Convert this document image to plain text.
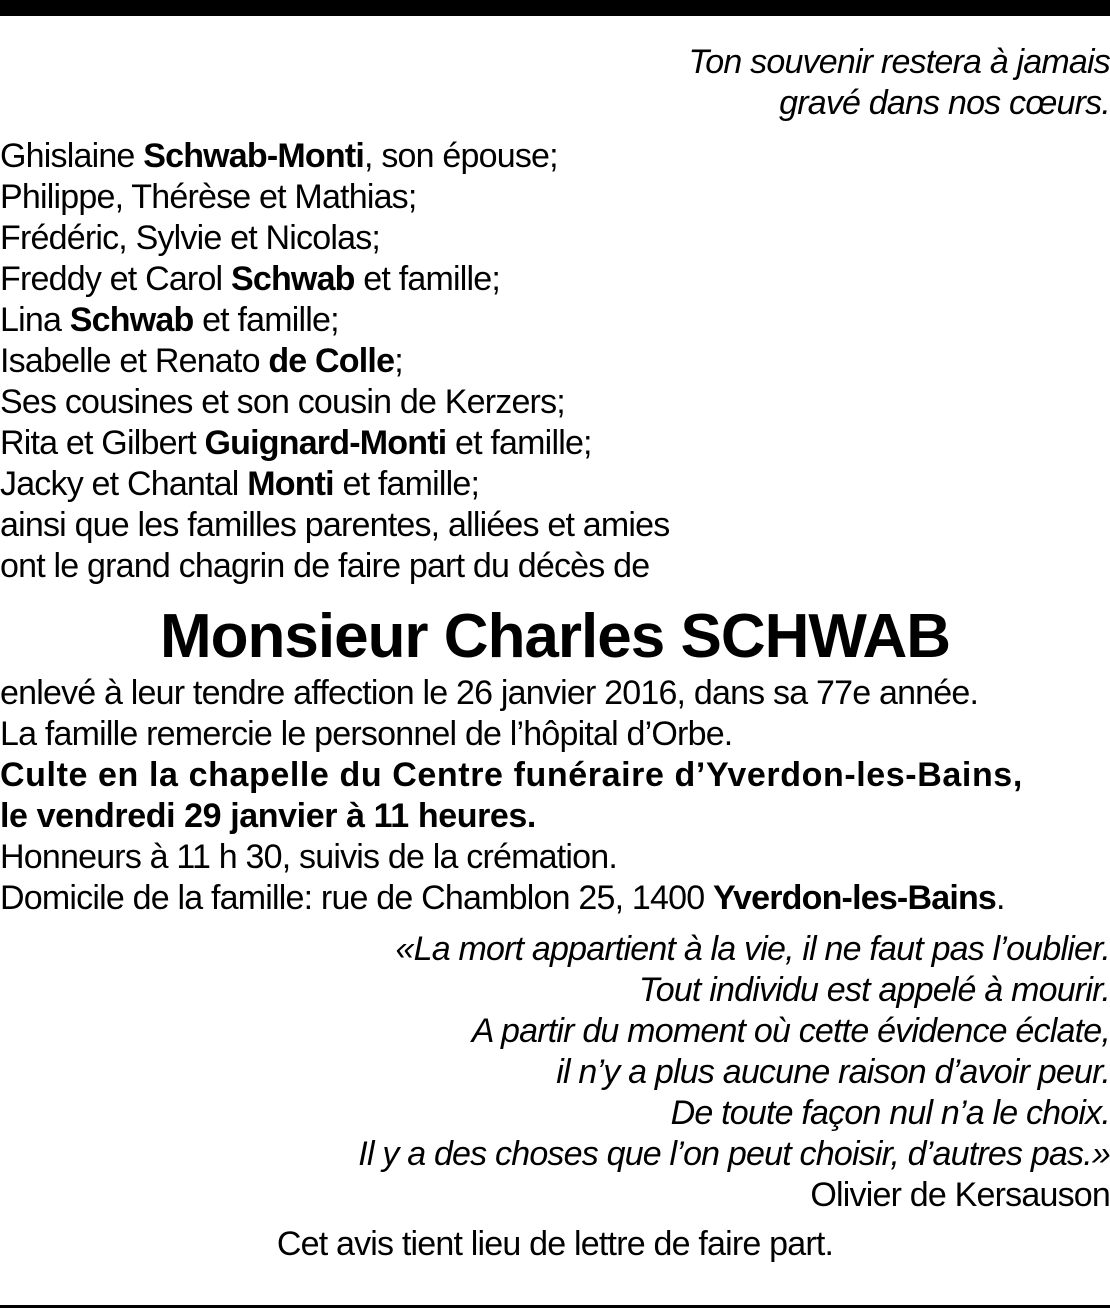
Ton souvenir restera à jamais
gravé dans nos cœurs.
Ghislaine Schwab-Monti, son épouse;
Philippe, Thérèse et Mathias;
Frédéric, Sylvie et Nicolas;
Freddy et Carol Schwab et famille;
Lina Schwab et famille;
Isabelle et Renato de Colle;
Ses cousines et son cousin de Kerzers;
Rita et Gilbert Guignard-Monti et famille;
Jacky et Chantal Monti et famille;
ainsi que les familles parentes, alliées et amies
ont le grand chagrin de faire part du décès de
Monsieur Charles SCHWAB
enlevé à leur tendre affection le 26 janvier 2016, dans sa 77e année.
La famille remercie le personnel de l’hôpital d’Orbe.
Culte en la chapelle du Centre funéraire d’Yverdon-les-Bains,
le vendredi 29 janvier à 11 heures.
Honneurs à 11 h 30, suivis de la crémation.
Domicile de la famille: rue de Chamblon 25, 1400 Yverdon-les-Bains.
«La mort appartient à la vie, il ne faut pas l’oublier.
Tout individu est appelé à mourir.
A partir du moment où cette évidence éclate,
il n’y a plus aucune raison d’avoir peur.
De toute façon nul n’a le choix.
Il y a des choses que l’on peut choisir, d’autres pas.»
Olivier de Kersauson
Cet avis tient lieu de lettre de faire part.
